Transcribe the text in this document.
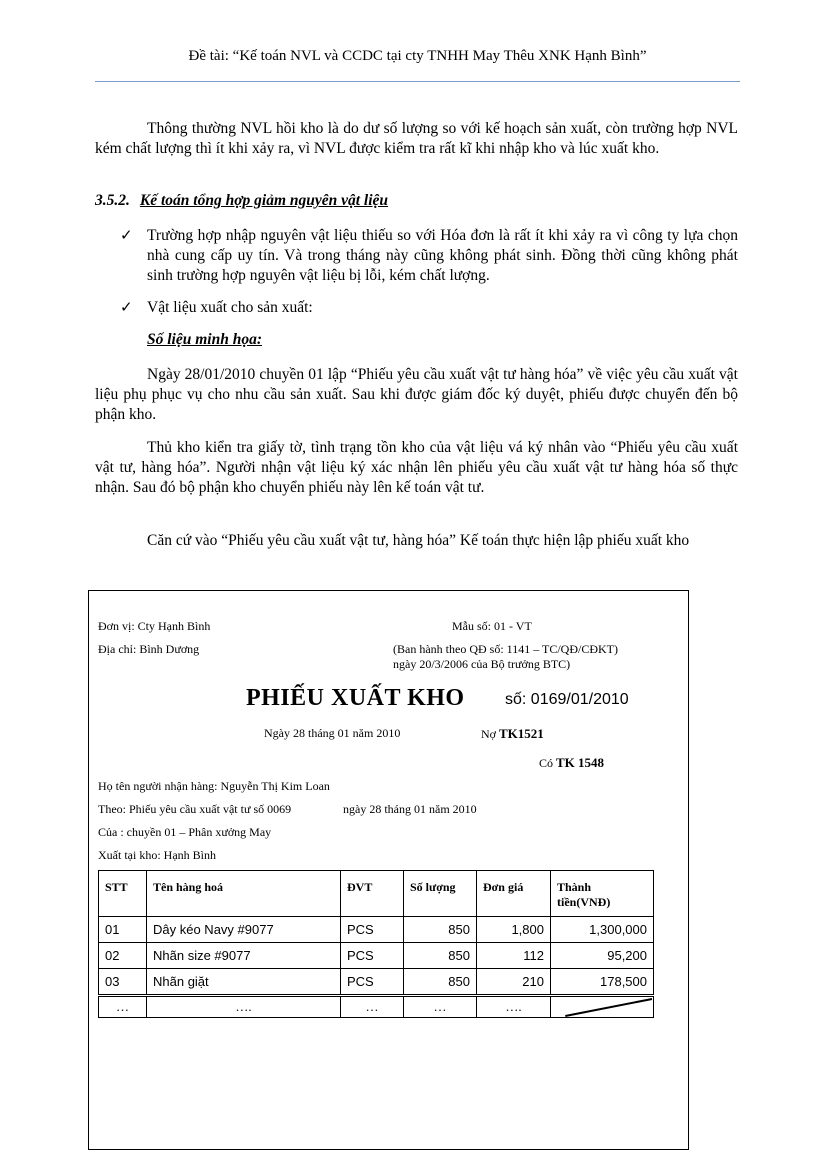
Đề tài: “Kế toán NVL và CCDC tại cty TNHH May Thêu XNK Hạnh Bình”
Thông thường NVL hồi kho là do dư số lượng so với kế hoạch sản xuất, còn trường hợp NVL kém chất lượng thì ít khi xảy ra, vì NVL được kiểm tra rất kĩ khi nhập kho và lúc xuất kho.
3.5.2. Kế toán tổng hợp giảm nguyên vật liệu
✓ Trường hợp nhập nguyên vật liệu thiếu so với Hóa đơn là rất ít khi xảy ra vì công ty lựa chọn nhà cung cấp uy tín. Và trong tháng này cũng không phát sinh. Đồng thời cũng không phát sinh trường hợp nguyên vật liệu bị lỗi, kém chất lượng.
✓ Vật liệu xuất cho sản xuất:
Số liệu minh họa:
Ngày 28/01/2010 chuyền 01 lập “Phiếu yêu cầu xuất vật tư hàng hóa” về việc yêu cầu xuất vật liệu phụ phục vụ cho nhu cầu sản xuất. Sau khi được giám đốc ký duyệt, phiếu được chuyển đến bộ phận kho.
Thủ kho kiển tra giấy tờ, tình trạng tồn kho của vật liệu vá ký nhân vào “Phiếu yêu cầu xuất vật tư, hàng hóa”. Người nhận vật liệu ký xác nhận lên phiếu yêu cầu xuất vật tư hàng hóa số thực nhận. Sau đó bộ phận kho chuyển phiếu này lên kế toán vật tư.
Căn cứ vào “Phiếu yêu cầu xuất vật tư, hàng hóa” Kế toán thực hiện lập phiếu xuất kho
Đơn vị: Cty Hạnh Bình	Mẫu số: 01 - VT
Địa chỉ: Bình Dương	(Ban hành theo QĐ số: 1141 – TC/QĐ/CĐKT)
ngày 20/3/2006 của Bộ trưởng BTC)
PHIẾU XUẤT KHO	số: 0169/01/2010
Ngày 28 tháng 01 năm 2010	Nợ TK1521
Có TK 1548
Họ tên người nhận hàng: Nguyễn Thị Kim Loan
Theo: Phiếu yêu cầu xuất vật tư số 0069	ngày 28 tháng 01 năm 2010
Của : chuyền 01 – Phân xưởng May
Xuất tại kho: Hạnh Bình
STT	Tên hàng hoá	ĐVT	Số lượng	Đơn giá	Thành tiền(VNĐ)
01	Dây kéo Navy #9077	PCS	850	1,800	1,300,000
02	Nhãn size #9077	PCS	850	112	95,200
03	Nhãn giặt	PCS	850	210	178,500
…	….	…	…	….	
